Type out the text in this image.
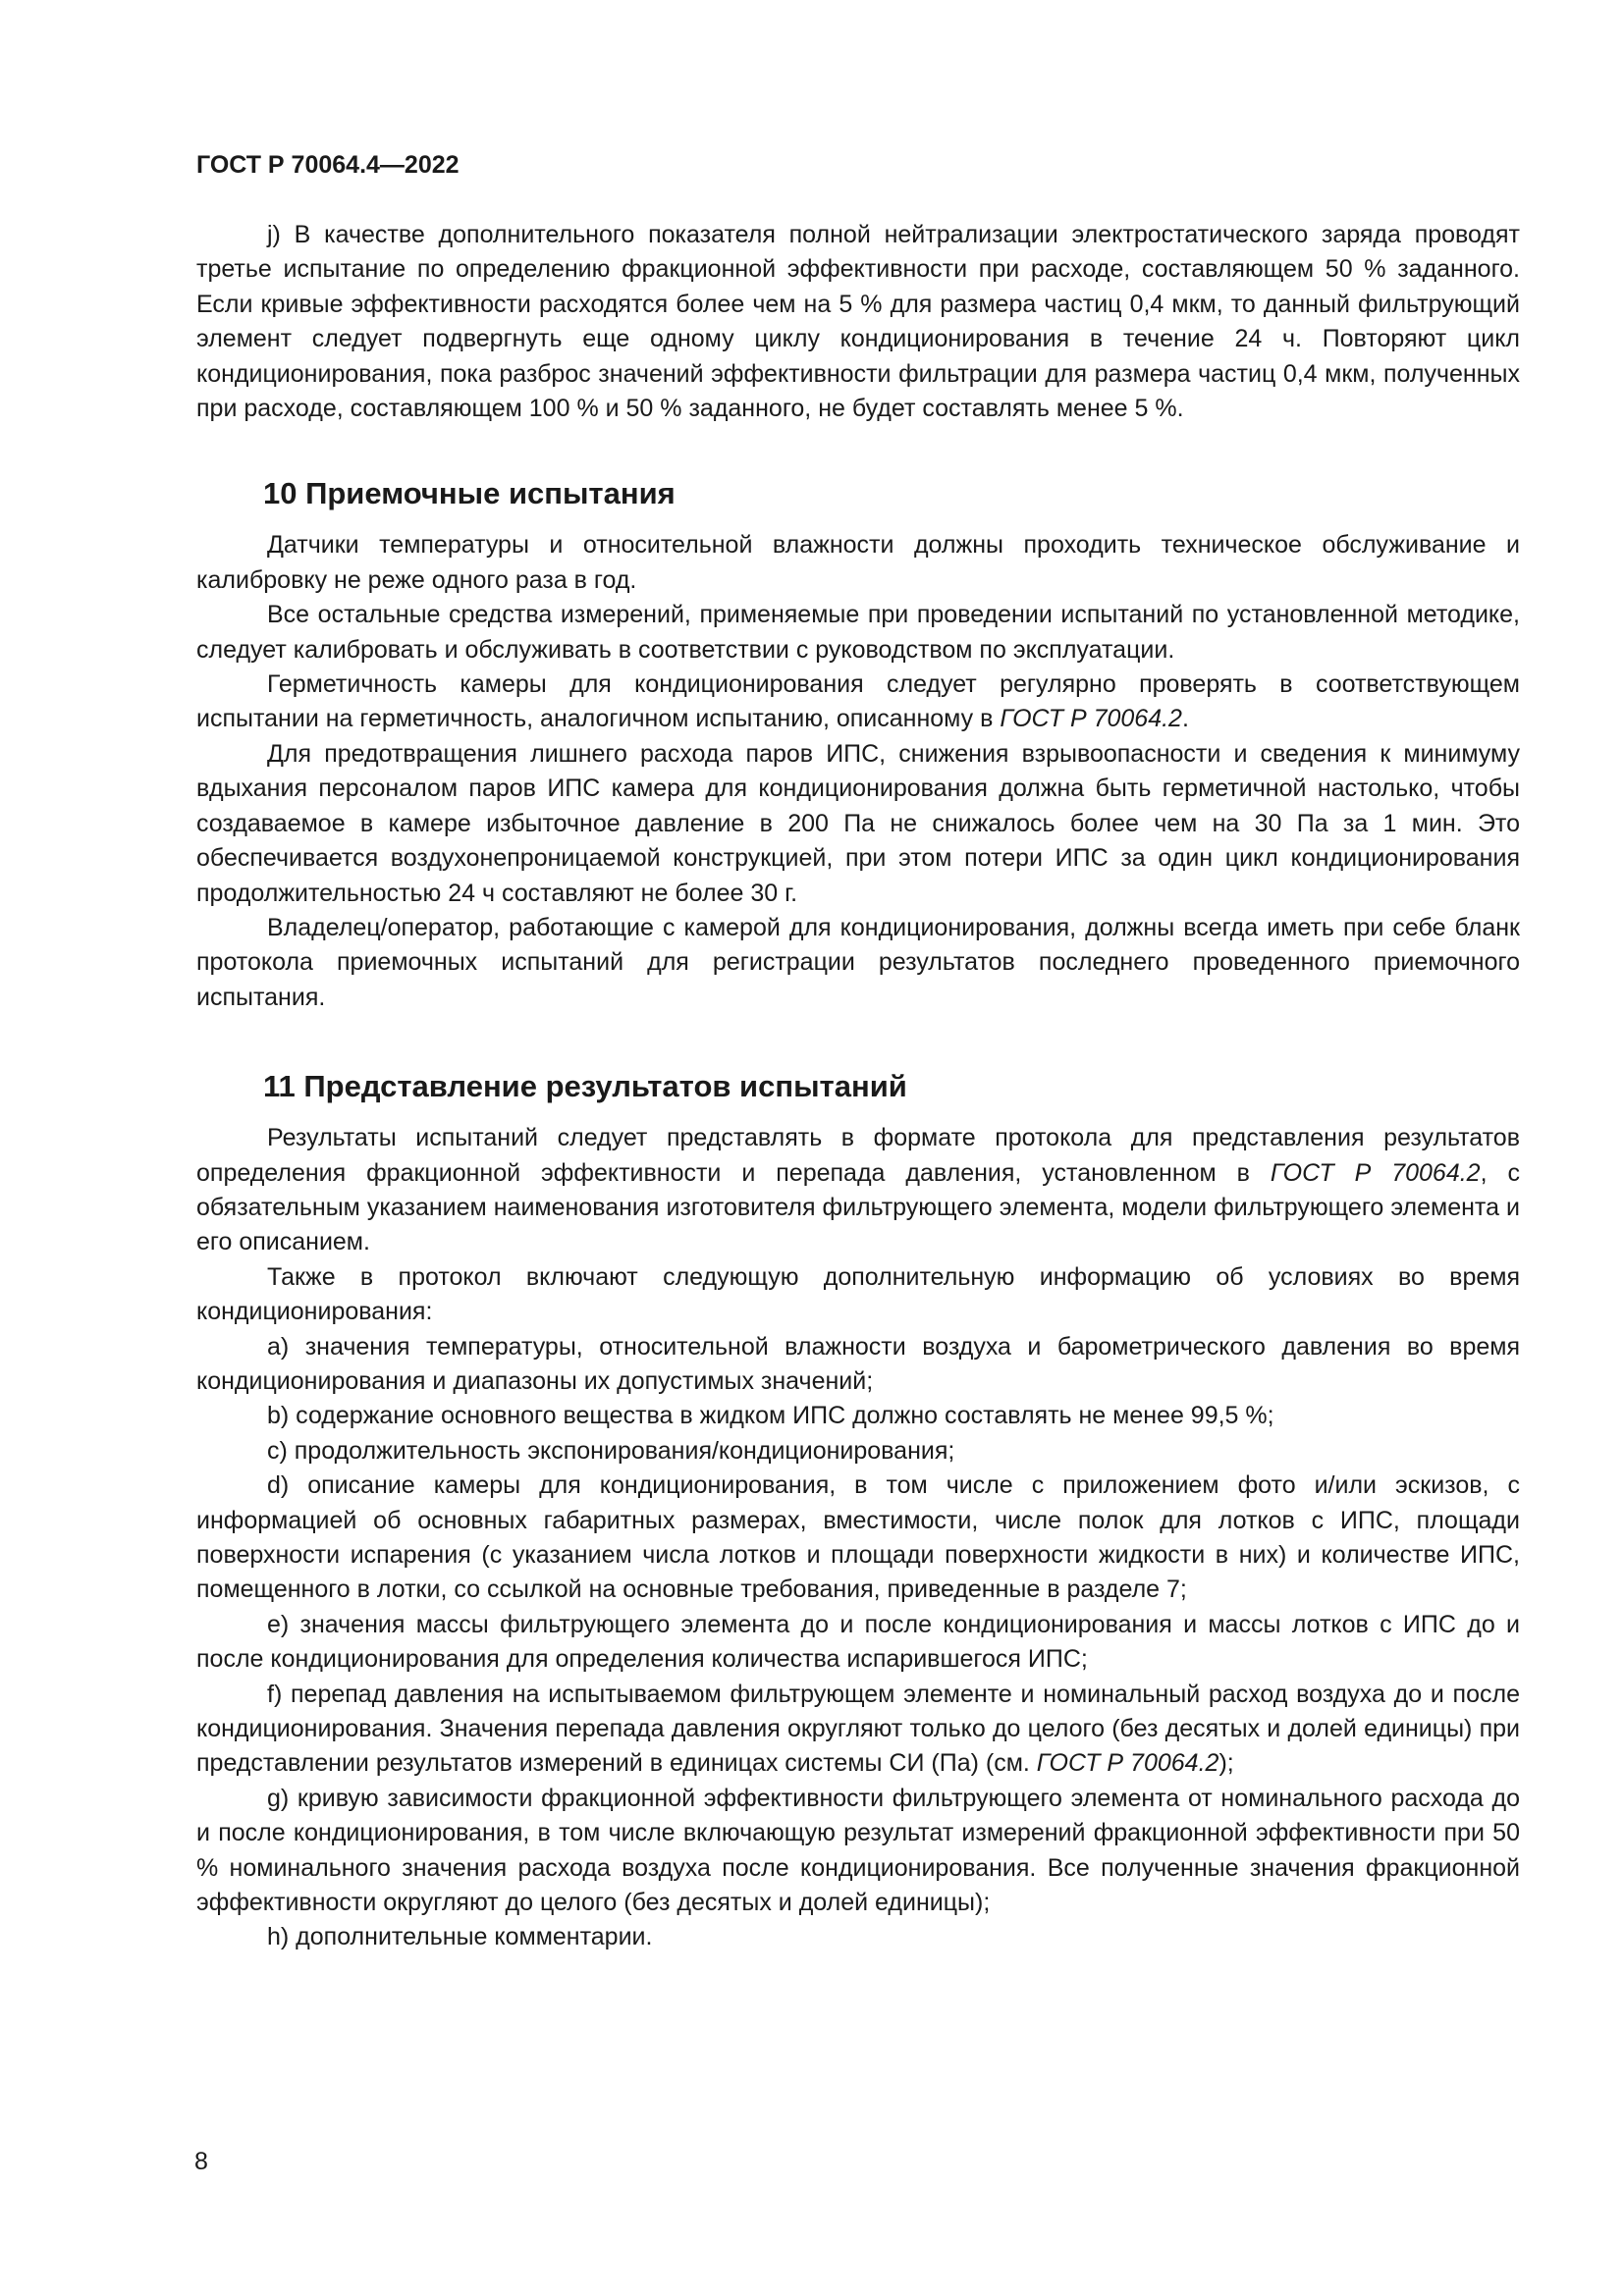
ГОСТ Р 70064.4—2022

j) В качестве дополнительного показателя полной нейтрализации электростатического заряда проводят третье испытание по определению фракционной эффективности при расходе, составляющем 50 % заданного. Если кривые эффективности расходятся более чем на 5 % для размера частиц 0,4 мкм, то данный фильтрующий элемент следует подвергнуть еще одному циклу кондиционирования в течение 24 ч. Повторяют цикл кондиционирования, пока разброс значений эффективности фильтрации для размера частиц 0,4 мкм, полученных при расходе, составляющем 100 % и 50 % заданного, не будет составлять менее 5 %.

10 Приемочные испытания

Датчики температуры и относительной влажности должны проходить техническое обслуживание и калибровку не реже одного раза в год.

Все остальные средства измерений, применяемые при проведении испытаний по установленной методике, следует калибровать и обслуживать в соответствии с руководством по эксплуатации.

Герметичность камеры для кондиционирования следует регулярно проверять в соответствующем испытании на герметичность, аналогичном испытанию, описанному в ГОСТ Р 70064.2.

Для предотвращения лишнего расхода паров ИПС, снижения взрывоопасности и сведения к минимуму вдыхания персоналом паров ИПС камера для кондиционирования должна быть герметичной настолько, чтобы создаваемое в камере избыточное давление в 200 Па не снижалось более чем на 30 Па за 1 мин. Это обеспечивается воздухонепроницаемой конструкцией, при этом потери ИПС за один цикл кондиционирования продолжительностью 24 ч составляют не более 30 г.

Владелец/оператор, работающие с камерой для кондиционирования, должны всегда иметь при себе бланк протокола приемочных испытаний для регистрации результатов последнего проведенного приемочного испытания.

11 Представление результатов испытаний

Результаты испытаний следует представлять в формате протокола для представления результатов определения фракционной эффективности и перепада давления, установленном в ГОСТ Р 70064.2, с обязательным указанием наименования изготовителя фильтрующего элемента, модели фильтрующего элемента и его описанием.

Также в протокол включают следующую дополнительную информацию об условиях во время кондиционирования:

а) значения температуры, относительной влажности воздуха и барометрического давления во время кондиционирования и диапазоны их допустимых значений;

b) содержание основного вещества в жидком ИПС должно составлять не менее 99,5 %;

с) продолжительность экспонирования/кондиционирования;

d) описание камеры для кондиционирования, в том числе с приложением фото и/или эскизов, с информацией об основных габаритных размерах, вместимости, числе полок для лотков с ИПС, площади поверхности испарения (с указанием числа лотков и площади поверхности жидкости в них) и количестве ИПС, помещенного в лотки, со ссылкой на основные требования, приведенные в разделе 7;

е) значения массы фильтрующего элемента до и после кондиционирования и массы лотков с ИПС до и после кондиционирования для определения количества испарившегося ИПС;

f) перепад давления на испытываемом фильтрующем элементе и номинальный расход воздуха до и после кондиционирования. Значения перепада давления округляют только до целого (без десятых и долей единицы) при представлении результатов измерений в единицах системы СИ (Па) (см. ГОСТ Р 70064.2);

g) кривую зависимости фракционной эффективности фильтрующего элемента от номинального расхода до и после кондиционирования, в том числе включающую результат измерений фракционной эффективности при 50 % номинального значения расхода воздуха после кондиционирования. Все полученные значения фракционной эффективности округляют до целого (без десятых и долей единицы);

h) дополнительные комментарии.

8
